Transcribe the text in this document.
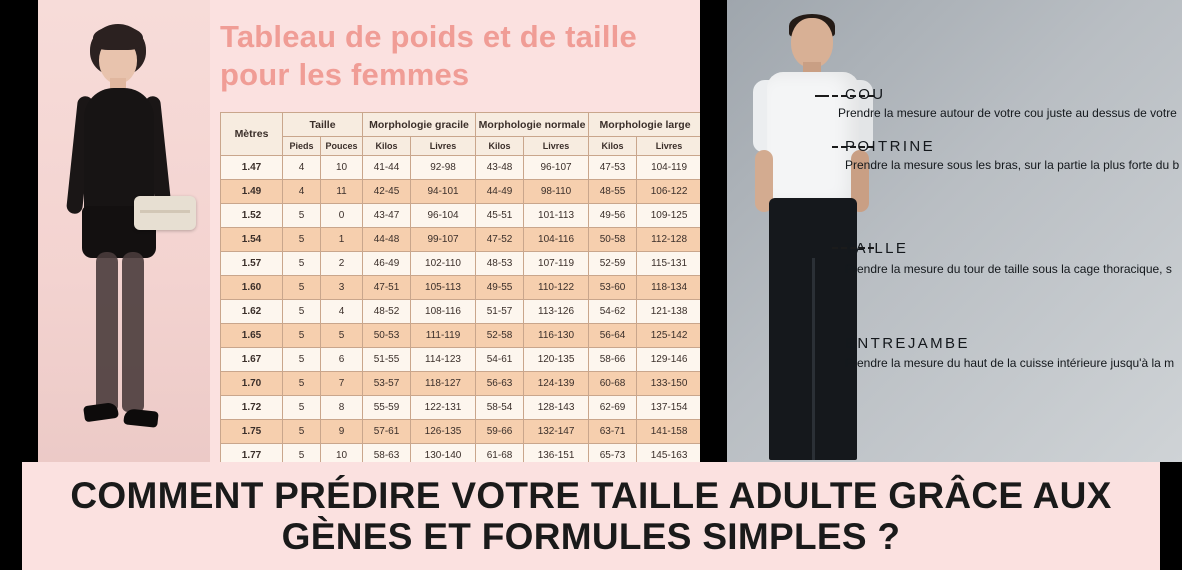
Tableau de poids et de taille pour les femmes
Mètres	Taille		Morphologie gracile		Morphologie normale		Morphologie large	
	Pieds	Pouces	Kilos	Livres	Kilos	Livres	Kilos	Livres
1.47	4	10	41-44	92-98	43-48	96-107	47-53	104-119
1.49	4	11	42-45	94-101	44-49	98-110	48-55	106-122
1.52	5	0	43-47	96-104	45-51	101-113	49-56	109-125
1.54	5	1	44-48	99-107	47-52	104-116	50-58	112-128
1.57	5	2	46-49	102-110	48-53	107-119	52-59	115-131
1.60	5	3	47-51	105-113	49-55	110-122	53-60	118-134
1.62	5	4	48-52	108-116	51-57	113-126	54-62	121-138
1.65	5	5	50-53	111-119	52-58	116-130	56-64	125-142
1.67	5	6	51-55	114-123	54-61	120-135	58-66	129-146
1.70	5	7	53-57	118-127	56-63	124-139	60-68	133-150
1.72	5	8	55-59	122-131	58-54	128-143	62-69	137-154
1.75	5	9	57-61	126-135	59-66	132-147	63-71	141-158
1.77	5	10	58-63	130-140	61-68	136-151	65-73	145-163
COU
Prendre la mesure autour de votre cou juste au dessus de votre
POITRINE
Prendre la mesure sous les bras, sur la partie la plus forte du b
TAILLE
Prendre la mesure du tour de taille sous la cage thoracique, s
ENTREJAMBE
Prendre la mesure du haut de la cuisse intérieure jusqu'à la m
COMMENT PRÉDIRE VOTRE TAILLE ADULTE GRÂCE AUX GÈNES ET FORMULES SIMPLES ?
